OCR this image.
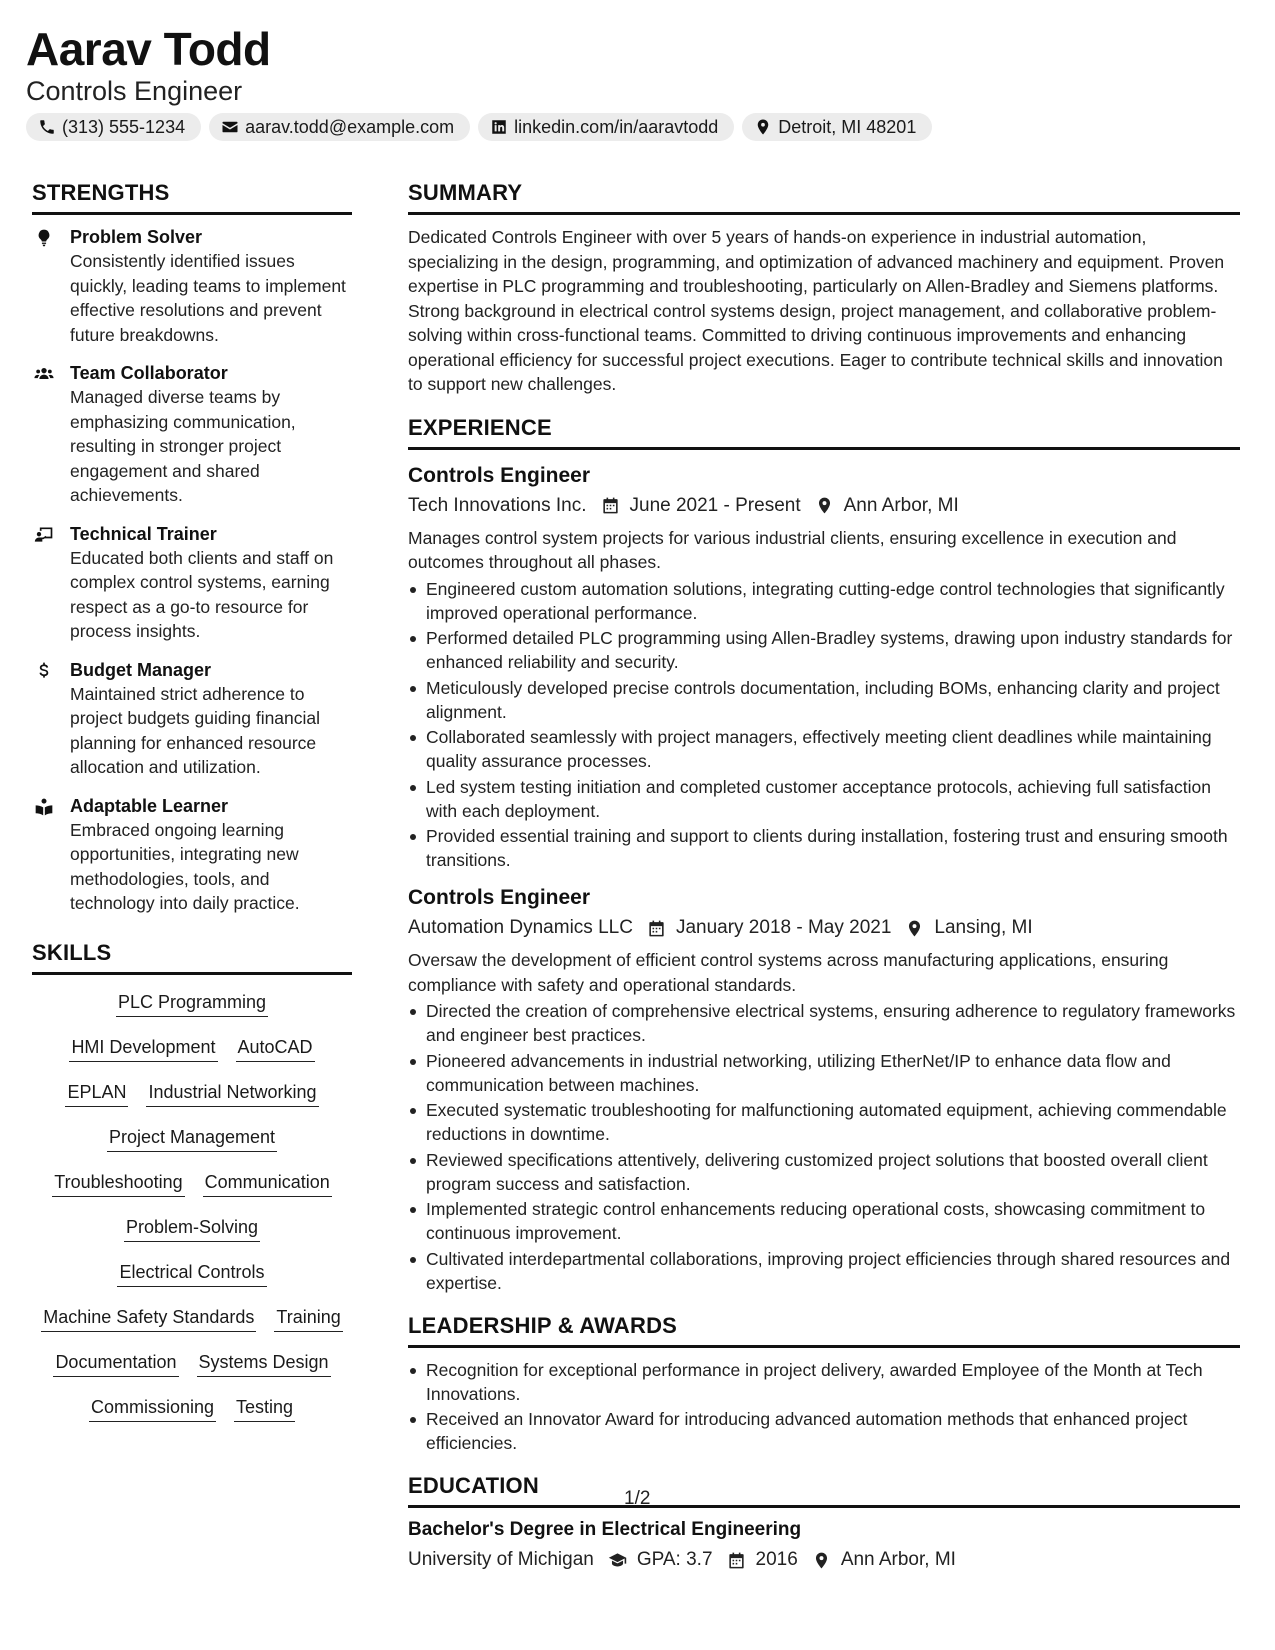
Aarav Todd
Controls Engineer
(313) 555-1234	aarav.todd@example.com	linkedin.com/in/aaravtodd	Detroit, MI 48201
STRENGTHS
Problem Solver
Consistently identified issues quickly, leading teams to implement effective resolutions and prevent future breakdowns.
Team Collaborator
Managed diverse teams by emphasizing communication, resulting in stronger project engagement and shared achievements.
Technical Trainer
Educated both clients and staff on complex control systems, earning respect as a go-to resource for process insights.
Budget Manager
Maintained strict adherence to project budgets guiding financial planning for enhanced resource allocation and utilization.
Adaptable Learner
Embraced ongoing learning opportunities, integrating new methodologies, tools, and technology into daily practice.
SKILLS
PLC Programming
HMI Development AutoCAD
EPLAN Industrial Networking
Project Management
Troubleshooting Communication
Problem-Solving
Electrical Controls
Machine Safety Standards Training
Documentation Systems Design
Commissioning Testing
SUMMARY
Dedicated Controls Engineer with over 5 years of hands-on experience in industrial automation, specializing in the design, programming, and optimization of advanced machinery and equipment. Proven expertise in PLC programming and troubleshooting, particularly on Allen-Bradley and Siemens platforms. Strong background in electrical control systems design, project management, and collaborative problem-solving within cross-functional teams. Committed to driving continuous improvements and enhancing operational efficiency for successful project executions. Eager to contribute technical skills and innovation to support new challenges.
EXPERIENCE
Controls Engineer
Tech Innovations Inc. June 2021 - Present Ann Arbor, MI
Manages control system projects for various industrial clients, ensuring excellence in execution and outcomes throughout all phases.
Engineered custom automation solutions, integrating cutting-edge control technologies that significantly improved operational performance.
Performed detailed PLC programming using Allen-Bradley systems, drawing upon industry standards for enhanced reliability and security.
Meticulously developed precise controls documentation, including BOMs, enhancing clarity and project alignment.
Collaborated seamlessly with project managers, effectively meeting client deadlines while maintaining quality assurance processes.
Led system testing initiation and completed customer acceptance protocols, achieving full satisfaction with each deployment.
Provided essential training and support to clients during installation, fostering trust and ensuring smooth transitions.
Controls Engineer
Automation Dynamics LLC January 2018 - May 2021 Lansing, MI
Oversaw the development of efficient control systems across manufacturing applications, ensuring compliance with safety and operational standards.
Directed the creation of comprehensive electrical systems, ensuring adherence to regulatory frameworks and engineer best practices.
Pioneered advancements in industrial networking, utilizing EtherNet/IP to enhance data flow and communication between machines.
Executed systematic troubleshooting for malfunctioning automated equipment, achieving commendable reductions in downtime.
Reviewed specifications attentively, delivering customized project solutions that boosted overall client program success and satisfaction.
Implemented strategic control enhancements reducing operational costs, showcasing commitment to continuous improvement.
Cultivated interdepartmental collaborations, improving project efficiencies through shared resources and expertise.
LEADERSHIP & AWARDS
Recognition for exceptional performance in project delivery, awarded Employee of the Month at Tech Innovations.
Received an Innovator Award for introducing advanced automation methods that enhanced project efficiencies.
EDUCATION
Bachelor's Degree in Electrical Engineering
University of Michigan GPA: 3.7 2016 Ann Arbor, MI
1/2
